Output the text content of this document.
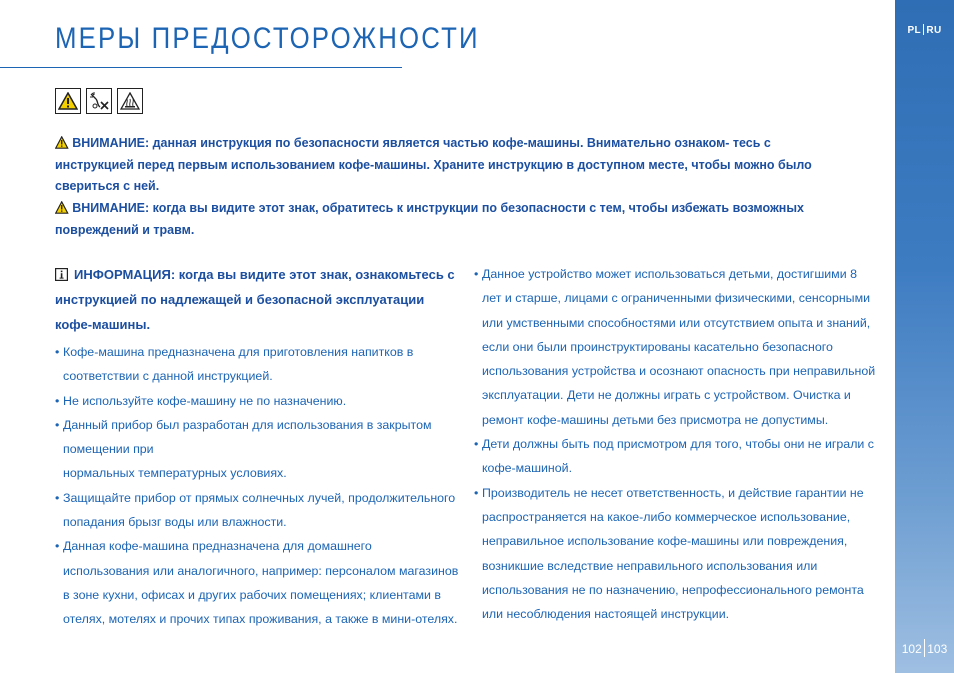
PL RU
102 103
МЕРЫ ПРЕДОСТОРОЖНОСТИ

ВНИМАНИЕ: данная инструкция по безопасности является частью кофе-машины. Внимательно ознаком- тесь с инструкцией перед первым использованием кофе-машины. Храните инструкцию в доступном месте, чтобы можно было свериться с ней.

ВНИМАНИЕ: когда вы видите этот знак, обратитесь к инструкции по безопасности с тем, чтобы избежать возможных повреждений и травм.

ИНФОРМАЦИЯ: когда вы видите этот знак, ознакомьтесь с инструкцией по надлежащей и безопасной эксплуатации кофе-машины.

• Кофе-машина предназначена для приготовления напитков в соответствии с данной инструкцией.
• Не используйте кофе-машину не по назначению.
• Данный прибор был разработан для использования в закрытом помещении при
нормальных температурных условиях.
• Защищайте прибор от прямых солнечных лучей, продолжительного попадания брызг воды или влажности.
• Данная кофе-машина предназначена для домашнего использования или аналогичного, например: персоналом магазинов в зоне кухни, офисах и других рабочих помещениях; клиентами в отелях, мотелях и прочих типах проживания, а также в мини-отелях.
• Данное устройство может использоваться детьми, достигшими 8 лет и старше, лицами с ограниченными физическими, сенсорными или умственными способностями или отсутствием опыта и знаний, если они были проинструктированы касательно безопасного использования устройства и осознают опасность при неправильной эксплуатации. Дети не должны играть с устройством. Очистка и ремонт кофе-машины детьми без присмотра не допустимы.
• Дети должны быть под присмотром для того, чтобы они не играли с кофе-машиной.
• Производитель не несет ответственность, и действие гарантии не распространяется на какое-либо коммерческое использование, неправильное использование кофе-машины или повреждения, возникшие вследствие неправильного использования или использования не по назначению, непрофессионального ремонта или несоблюдения настоящей инструкции.
